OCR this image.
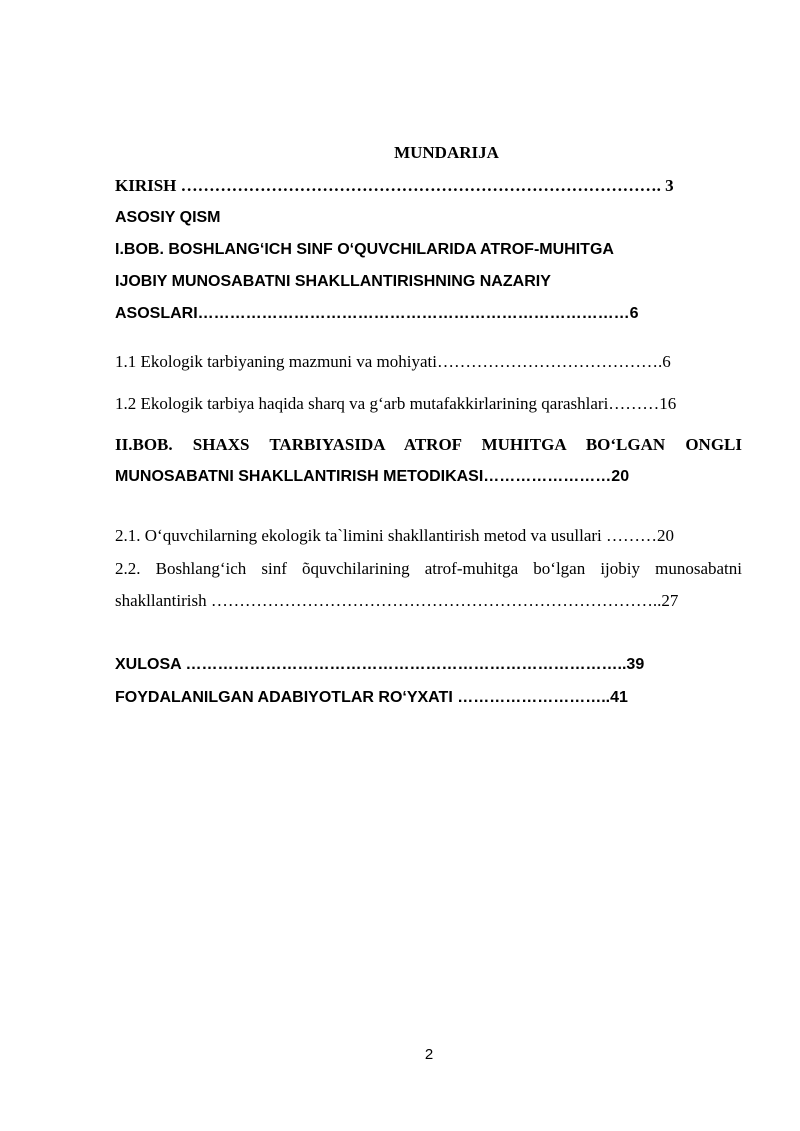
MUNDARIJA
KIRISH …………………………………………………………………………. 3
ASOSIY QISM
I.BOB. BOSHLANG‘ICH SINF O‘QUVCHILARIDA ATROF-MUHITGA
IJOBIY MUNOSABATNI SHAKLLANTIRISHNING NAZARIY
ASOSLARI………………………………………………………………………6
1.1 Ekologik tarbiyaning mazmuni va mohiyati………………………………….6
1.2 Ekologik tarbiya haqida sharq va g‘arb mutafakkirlarining qarashlari………16
II.BOB. SHAXS TARBIYASIDA ATROF MUHITGA BO‘LGAN ONGLI
MUNOSABATNI SHAKLLANTIRISH METODIKASI……………………20
2.1. O‘quvchilarning ekologik ta`limini shakllantirish metod va usullari ………20
2.2. Boshlang‘ich sinf õquvchilarining atrof-muhitga bo‘lgan ijobiy munosabatni
shakllantirish ……………………………………………………………………..27
XULOSA ………………………………………………………………………..39
FOYDALANILGAN ADABIYOTLAR RO‘YXATI ………………………..41
2
